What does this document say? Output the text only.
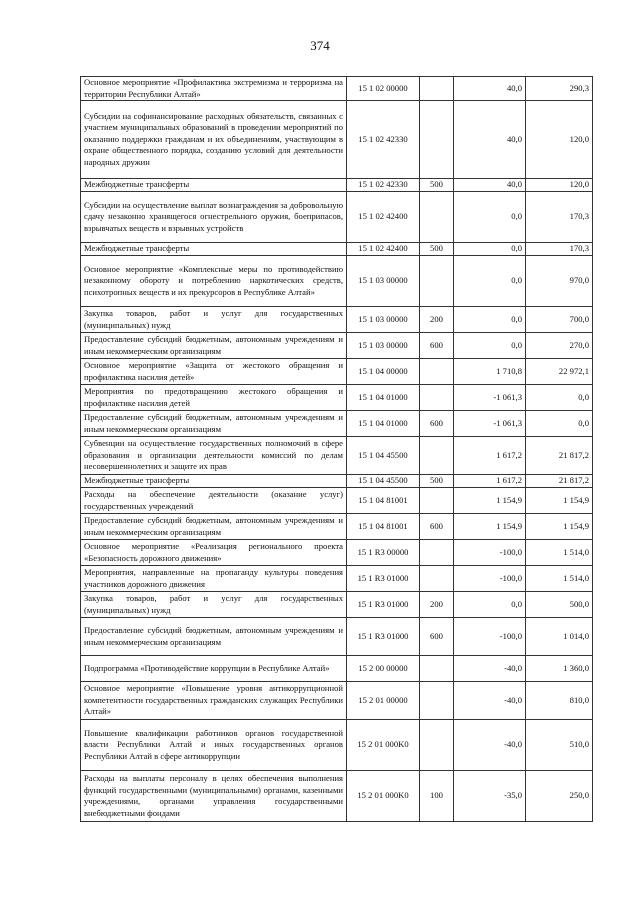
374
Основное мероприятие «Профилактика экстремизма и терроризма на территории Республики Алтай»	15 1 02 00000		40,0	290,3
Субсидии на софинансирование расходных обязательств, связанных с участием муниципальных образований в проведении мероприятий по оказанию поддержки гражданам и их объединениям, участвующим в охране общественного порядка, созданию условий для деятельности народных дружин	15 1 02 42330		40,0	120,0
Межбюджетные трансферты	15 1 02 42330	500	40,0	120,0
Субсидии на осуществление выплат вознаграждения за добровольную сдачу незаконно хранящегося огнестрельного оружия, боеприпасов, взрывчатых веществ и взрывных устройств	15 1 02 42400		0,0	170,3
Межбюджетные трансферты	15 1 02 42400	500	0,0	170,3
Основное мероприятие «Комплексные меры по противодействию незаконному обороту и потреблению наркотических средств, психотропных веществ и их прекурсоров в Республике Алтай»	15 1 03 00000		0,0	970,0
Закупка товаров, работ и услуг для государственных (муниципальных) нужд	15 1 03 00000	200	0,0	700,0
Предоставление субсидий бюджетным, автономным учреждениям и иным некоммерческим организациям	15 1 03 00000	600	0,0	270,0
Основное мероприятие «Защита от жестокого обращения и профилактика насилия детей»	15 1 04 00000		1 710,8	22 972,1
Мероприятия по предотвращению жестокого обращения и профилактике насилия детей	15 1 04 01000		-1 061,3	0,0
Предоставление субсидий бюджетным, автономным учреждениям и иным некоммерческим организациям	15 1 04 01000	600	-1 061,3	0,0
Субвенции на осуществление государственных полномочий в сфере образования и организации деятельности комиссий по делам несовершеннолетних и защите их прав	15 1 04 45500		1 617,2	21 817,2
Межбюджетные трансферты	15 1 04 45500	500	1 617,2	21 817,2
Расходы на обеспечение деятельности (оказание услуг) государственных учреждений	15 1 04 81001		1 154,9	1 154,9
Предоставление субсидий бюджетным, автономным учреждениям и иным некоммерческим организациям	15 1 04 81001	600	1 154,9	1 154,9
Основное мероприятие «Реализация регионального проекта «Безопасность дорожного движения»	15 1 R3 00000		-100,0	1 514,0
Мероприятия, направленные на пропаганду культуры поведения участников дорожного движения	15 1 R3 01000		-100,0	1 514,0
Закупка товаров, работ и услуг для государственных (муниципальных) нужд	15 1 R3 01000	200	0,0	500,0
Предоставление субсидий бюджетным, автономным учреждениям и иным некоммерческим организациям	15 1 R3 01000	600	-100,0	1 014,0
Подпрограмма «Противодействие коррупции в Республике Алтай»	15 2 00 00000		-40,0	1 360,0
Основное мероприятие «Повышение уровня антикоррупционной компетентности государственных гражданских служащих Республики Алтай»	15 2 01 00000		-40,0	810,0
Повышение квалификации работников органов государственной власти Республики Алтай и иных государственных органов Республики Алтай в сфере антикоррупции	15 2 01 000K0		-40,0	510,0
Расходы на выплаты персоналу в целях обеспечения выполнения функций государственными (муниципальными) органами, казенными учреждениями, органами управления государственными внебюджетными фондами	15 2 01 000K0	100	-35,0	250,0
